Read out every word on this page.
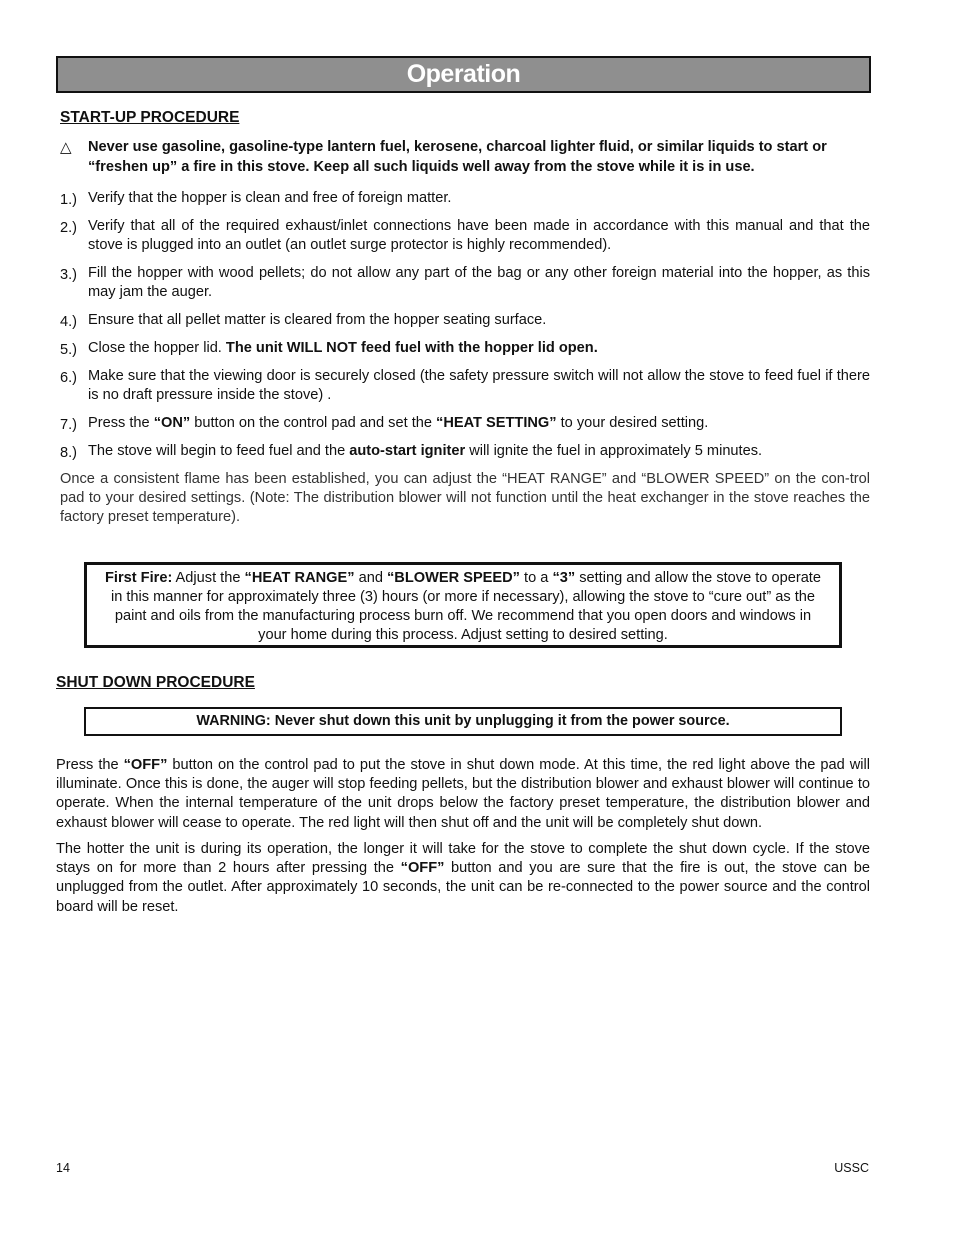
Operation
START-UP PROCEDURE
△ Never use gasoline, gasoline-type lantern fuel, kerosene, charcoal lighter fluid, or similar liquids to start or “freshen up” a fire in this stove. Keep all such liquids well away from the stove while it is in use.
1.) Verify that the hopper is clean and free of foreign matter.
2.) Verify that all of the required exhaust/inlet connections have been made in accordance with this manual and that the stove is plugged into an outlet (an outlet surge protector is highly recommended).
3.) Fill the hopper with wood pellets; do not allow any part of the bag or any other foreign material into the hopper, as this may jam the auger.
4.) Ensure that all pellet matter is cleared from the hopper seating surface.
5.) Close the hopper lid. The unit WILL NOT feed fuel with the hopper lid open.
6.) Make sure that the viewing door is securely closed (the safety pressure switch will not allow the stove to feed fuel if there is no draft pressure inside the stove) .
7.) Press the “ON” button on the control pad and set the “HEAT SETTING” to your desired setting.
8.) The stove will begin to feed fuel and the auto-start igniter will ignite the fuel in approximately 5 minutes.
Once a consistent flame has been established, you can adjust the “HEAT RANGE” and “BLOWER SPEED” on the con-trol pad to your desired settings. (Note: The distribution blower will not function until the heat exchanger in the stove reaches the factory preset temperature).
First Fire: Adjust the “HEAT RANGE” and “BLOWER SPEED” to a “3” setting and allow the stove to operate in this manner for approximately three (3) hours (or more if necessary), allowing the stove to “cure out” as the paint and oils from the manufacturing process burn off. We recommend that you open doors and windows in your home during this process. Adjust setting to desired setting.
SHUT DOWN PROCEDURE
WARNING: Never shut down this unit by unplugging it from the power source.
Press the “OFF” button on the control pad to put the stove in shut down mode. At this time, the red light above the pad will illuminate. Once this is done, the auger will stop feeding pellets, but the distribution blower and exhaust blower will continue to operate. When the internal temperature of the unit drops below the factory preset temperature, the distribution blower and exhaust blower will cease to operate. The red light will then shut off and the unit will be completely shut down.
The hotter the unit is during its operation, the longer it will take for the stove to complete the shut down cycle. If the stove stays on for more than 2 hours after pressing the “OFF” button and you are sure that the fire is out, the stove can be unplugged from the outlet. After approximately 10 seconds, the unit can be re-connected to the power source and the control board will be reset.
14	USSC
